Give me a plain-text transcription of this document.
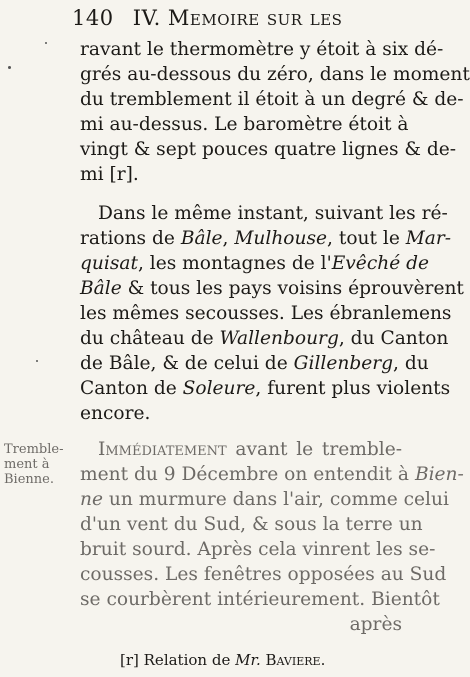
140 IV. Memoire sur les
ravant le thermomètre y étoit à six dé-
grés au-dessous du zéro, dans le moment
du tremblement il étoit à un degré & de-
mi au-dessus. Le baromètre étoit à
vingt & sept pouces quatre lignes & de-
mi [r].
Dans le même instant, suivant les ré-
rations de Bâle, Mulhouse, tout le Mar-
quisat, les montagnes de l'Evêché de
Bâle & tous les pays voisins éprouvèrent
les mêmes secousses. Les ébranlemens
du château de Wallenbourg, du Canton
de Bâle, & de celui de Gillenberg, du
Canton de Soleure, furent plus violents
encore.
Tremble-
ment à
Bienne.
Immédiatement avant le tremble-
ment du 9 Décembre on entendit à Bien-
ne un murmure dans l'air, comme celui
d'un vent du Sud, & sous la terre un
bruit sourd. Après cela vinrent les se-
cousses. Les fenêtres opposées au Sud
se courbèrent intérieurement. Bientôt
après
[r] Relation de Mr. Baviere.
